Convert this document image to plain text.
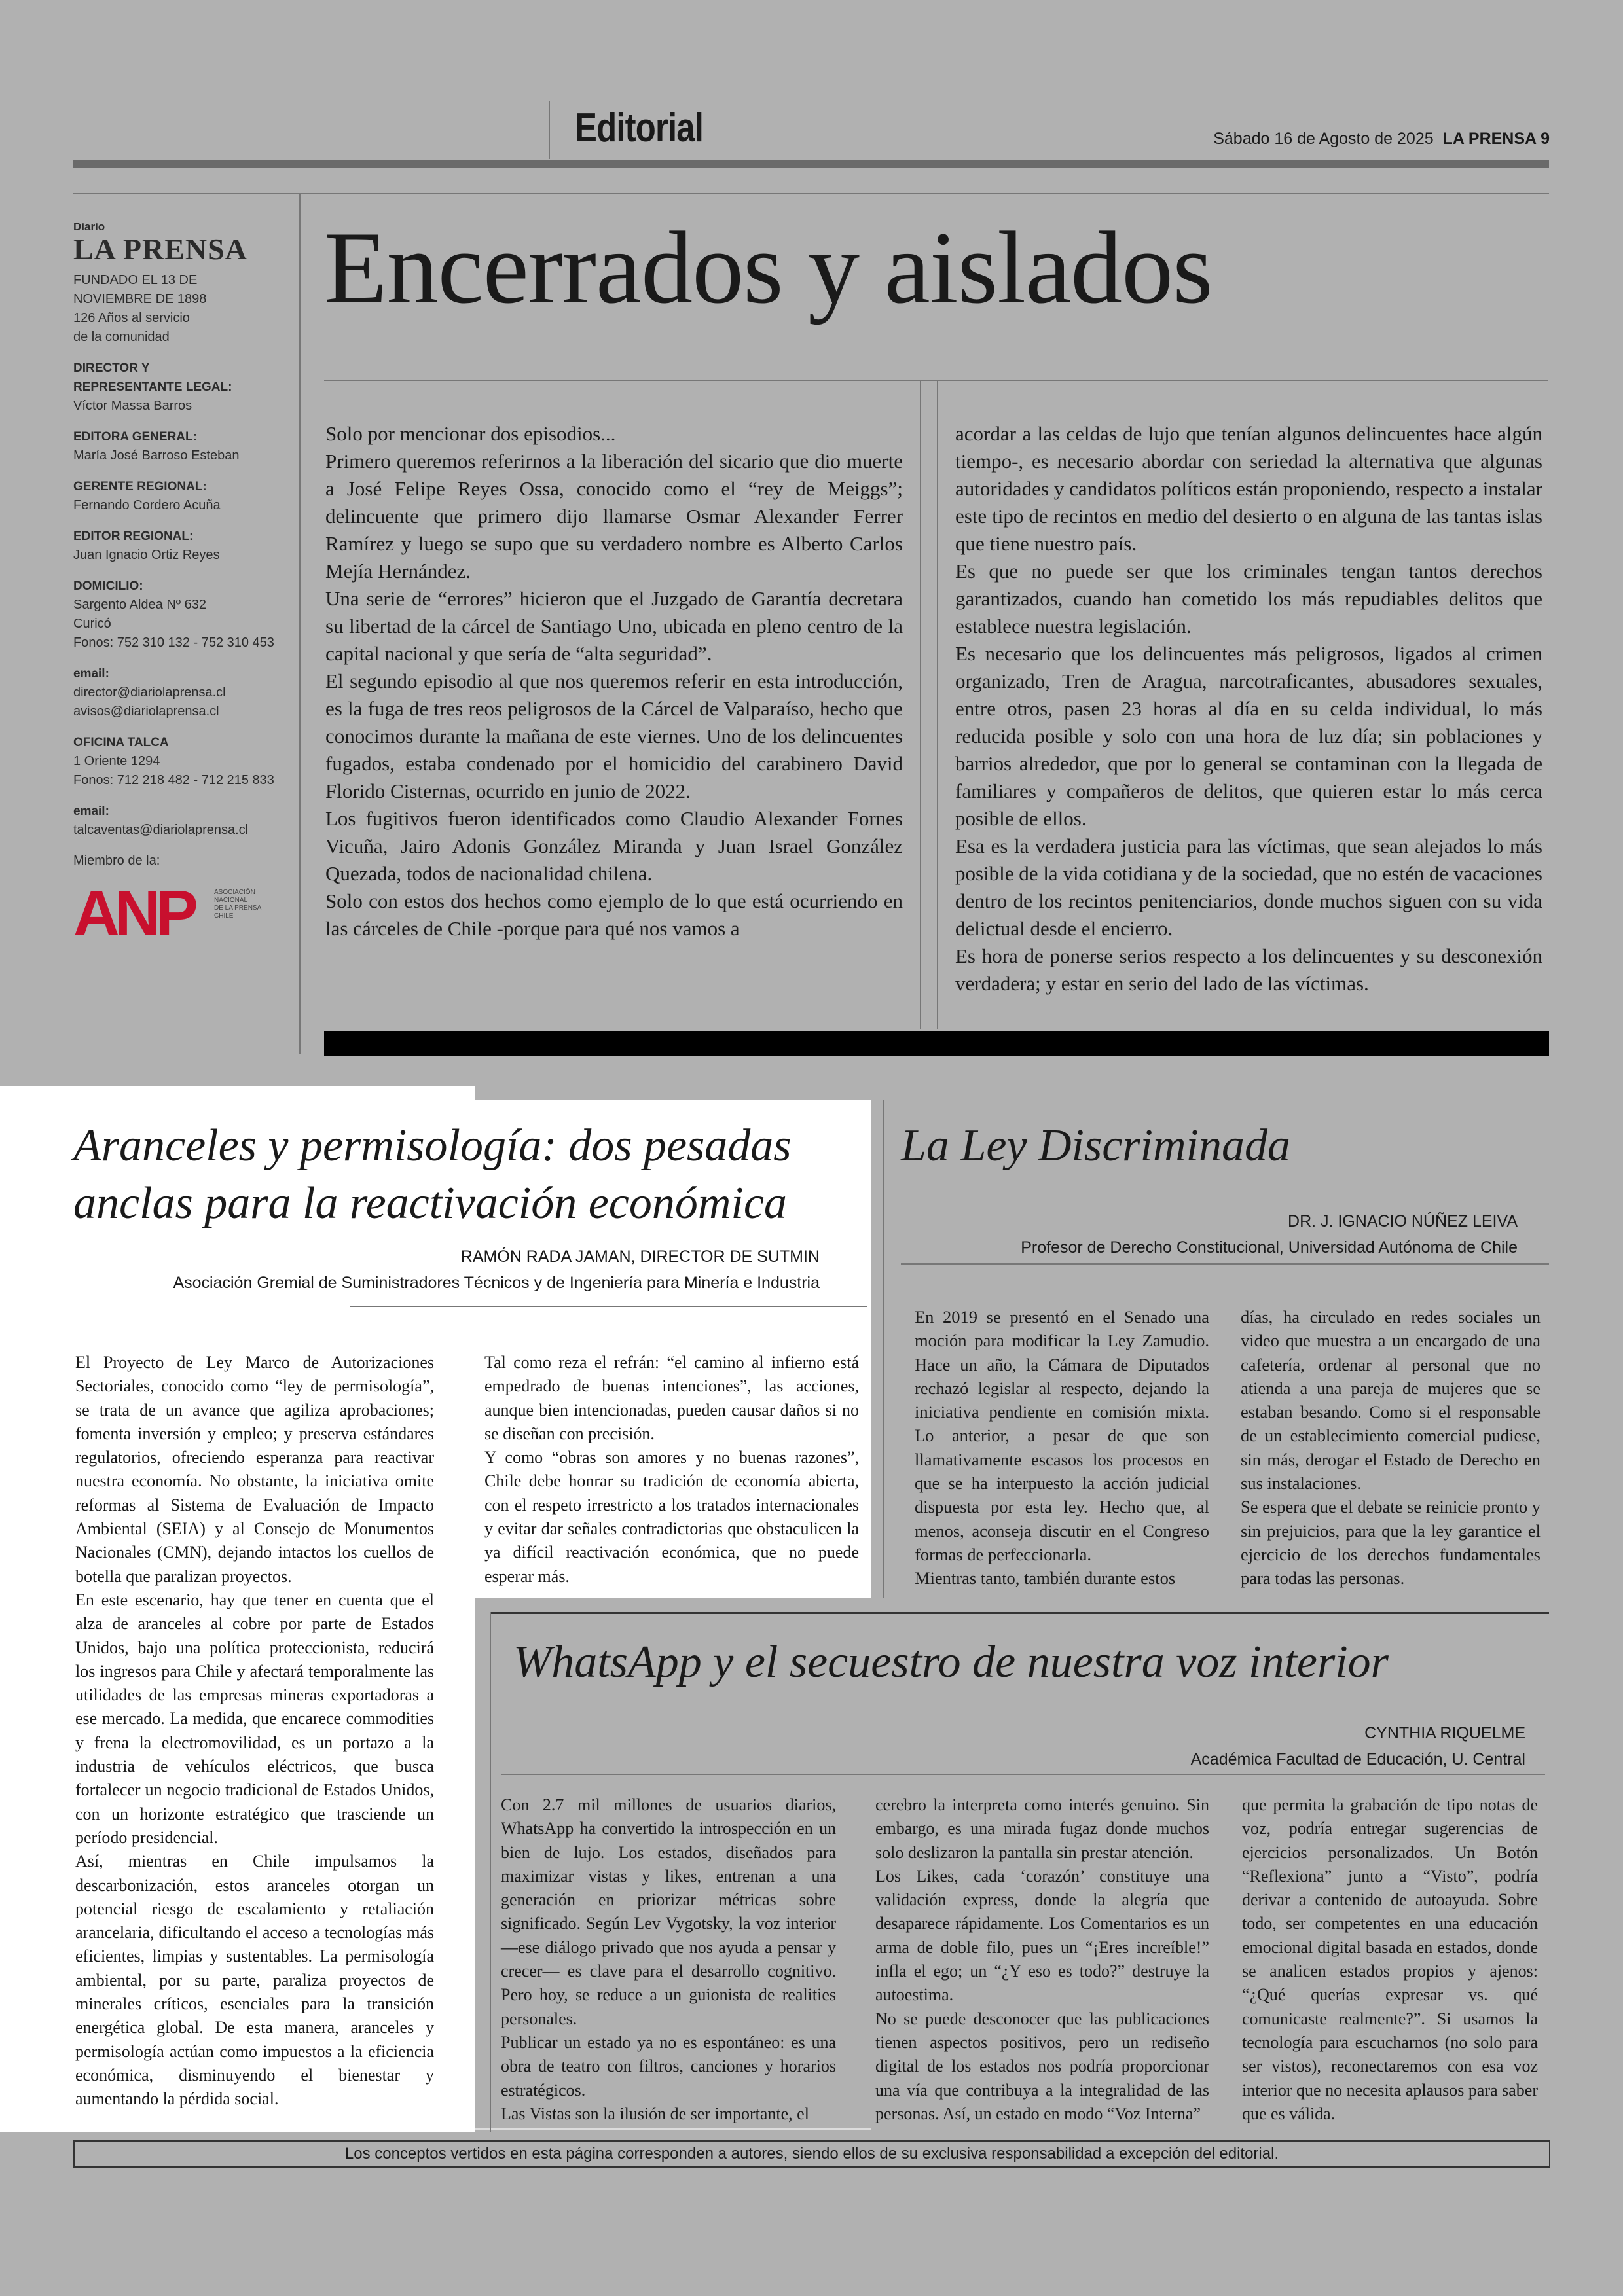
Editorial	Sábado 16 de Agosto de 2025 LA PRENSA 9
Diario
LA PRENSA
FUNDADO EL 13 DE
NOVIEMBRE DE 1898
126 Años al servicio
de la comunidad
DIRECTOR Y
REPRESENTANTE LEGAL:
Víctor Massa Barros
EDITORA GENERAL:
María José Barroso Esteban
GERENTE REGIONAL:
Fernando Cordero Acuña
EDITOR REGIONAL:
Juan Ignacio Ortiz Reyes
DOMICILIO:
Sargento Aldea Nº 632
Curicó
Fonos: 752 310 132 - 752 310 453
email:
director@diariolaprensa.cl
avisos@diariolaprensa.cl
OFICINA TALCA
1 Oriente 1294
Fonos: 712 218 482 - 712 215 833
email:
talcaventas@diariolaprensa.cl
Miembro de la:
ANP	ASOCIACIÓN
NACIONAL
DE LA PRENSA
CHILE
Encerrados y aislados

Solo por mencionar dos episodios...

Primero queremos referirnos a la liberación del sicario que dio muerte a José Felipe Reyes Ossa, conocido como el “rey de Meiggs”; delincuente que primero dijo llamarse Osmar Alexander Ferrer Ramírez y luego se supo que su verdadero nombre es Alberto Carlos Mejía Hernández.

Una serie de “errores” hicieron que el Juzgado de Garantía decretara su libertad de la cárcel de Santiago Uno, ubicada en pleno centro de la capital nacional y que sería de “alta seguridad”.

El segundo episodio al que nos queremos referir en esta introducción, es la fuga de tres reos peligrosos de la Cárcel de Valparaíso, hecho que conocimos durante la mañana de este viernes. Uno de los delincuentes fugados, estaba condenado por el homicidio del carabinero David Florido Cisternas, ocurrido en junio de 2022.

Los fugitivos fueron identificados como Claudio Alexander Fornes Vicuña, Jairo Adonis González Miranda y Juan Israel González Quezada, todos de nacionalidad chilena.

Solo con estos dos hechos como ejemplo de lo que está ocurriendo en las cárceles de Chile -porque para qué nos vamos a

acordar a las celdas de lujo que tenían algunos delincuentes hace algún tiempo-, es necesario abordar con seriedad la alternativa que algunas autoridades y candidatos políticos están proponiendo, respecto a instalar este tipo de recintos en medio del desierto o en alguna de las tantas islas que tiene nuestro país.

Es que no puede ser que los criminales tengan tantos derechos garantizados, cuando han cometido los más repudiables delitos que establece nuestra legislación.

Es necesario que los delincuentes más peligrosos, ligados al crimen organizado, Tren de Aragua, narcotraficantes, abusadores sexuales, entre otros, pasen 23 horas al día en su celda individual, lo más reducida posible y solo con una hora de luz día; sin poblaciones y barrios alrededor, que por lo general se contaminan con la llegada de familiares y compañeros de delitos, que quieren estar lo más cerca posible de ellos.

Esa es la verdadera justicia para las víctimas, que sean alejados lo más posible de la vida cotidiana y de la sociedad, que no estén de vacaciones dentro de los recintos penitenciarios, donde muchos siguen con su vida delictual desde el encierro.

Es hora de ponerse serios respecto a los delincuentes y su desconexión verdadera; y estar en serio del lado de las víctimas.

Aranceles y permisología: dos pesadas anclas para la reactivación económica
RAMÓN RADA JAMAN, DIRECTOR DE SUTMIN
Asociación Gremial de Suministradores Técnicos y de Ingeniería para Minería e Industria

El Proyecto de Ley Marco de Autorizaciones Sectoriales, conocido como “ley de permisología”, se trata de un avance que agiliza aprobaciones; fomenta inversión y empleo; y preserva estándares regulatorios, ofreciendo esperanza para reactivar nuestra economía. No obstante, la iniciativa omite reformas al Sistema de Evaluación de Impacto Ambiental (SEIA) y al Consejo de Monumentos Nacionales (CMN), dejando intactos los cuellos de botella que paralizan proyectos.

En este escenario, hay que tener en cuenta que el alza de aranceles al cobre por parte de Estados Unidos, bajo una política proteccionista, reducirá los ingresos para Chile y afectará temporalmente las utilidades de las empresas mineras exportadoras a ese mercado. La medida, que encarece commodities y frena la electromovilidad, es un portazo a la industria de vehículos eléctricos, que busca fortalecer un negocio tradicional de Estados Unidos, con un horizonte estratégico que trasciende un período presidencial.

Así, mientras en Chile impulsamos la descarbonización, estos aranceles otorgan un potencial riesgo de escalamiento y retaliación arancelaria, dificultando el acceso a tecnologías más eficientes, limpias y sustentables. La permisología ambiental, por su parte, paraliza proyectos de minerales críticos, esenciales para la transición energética global. De esta manera, aranceles y permisología actúan como impuestos a la eficiencia económica, disminuyendo el bienestar y aumentando la pérdida social.

Tal como reza el refrán: “el camino al infierno está empedrado de buenas intenciones”, las acciones, aunque bien intencionadas, pueden causar daños si no se diseñan con precisión.

Y como “obras son amores y no buenas razones”, Chile debe honrar su tradición de economía abierta, con el respeto irrestricto a los tratados internacionales y evitar dar señales contradictorias que obstaculicen la ya difícil reactivación económica, que no puede esperar más.

La Ley Discriminada
DR. J. IGNACIO NÚÑEZ LEIVA
Profesor de Derecho Constitucional, Universidad Autónoma de Chile

En 2019 se presentó en el Senado una moción para modificar la Ley Zamudio. Hace un año, la Cámara de Diputados rechazó legislar al respecto, dejando la iniciativa pendiente en comisión mixta. Lo anterior, a pesar de que son llamativamente escasos los procesos en que se ha interpuesto la acción judicial dispuesta por esta ley. Hecho que, al menos, aconseja discutir en el Congreso formas de perfeccionarla.

Mientras tanto, también durante estos

días, ha circulado en redes sociales un video que muestra a un encargado de una cafetería, ordenar al personal que no atienda a una pareja de mujeres que se estaban besando. Como si el responsable de un establecimiento comercial pudiese, sin más, derogar el Estado de Derecho en sus instalaciones.

Se espera que el debate se reinicie pronto y sin prejuicios, para que la ley garantice el ejercicio de los derechos fundamentales para todas las personas.

WhatsApp y el secuestro de nuestra voz interior
CYNTHIA RIQUELME
Académica Facultad de Educación, U. Central

Con 2.7 mil millones de usuarios diarios, WhatsApp ha convertido la introspección en un bien de lujo. Los estados, diseñados para maximizar vistas y likes, entrenan a una generación en priorizar métricas sobre significado. Según Lev Vygotsky, la voz interior —ese diálogo privado que nos ayuda a pensar y crecer— es clave para el desarrollo cognitivo. Pero hoy, se reduce a un guionista de realities personales.

Publicar un estado ya no es espontáneo: es una obra de teatro con filtros, canciones y horarios estratégicos.

Las Vistas son la ilusión de ser importante, el

cerebro la interpreta como interés genuino. Sin embargo, es una mirada fugaz donde muchos solo deslizaron la pantalla sin prestar atención.

Los Likes, cada ‘corazón’ constituye una validación express, donde la alegría que desaparece rápidamente. Los Comentarios es un arma de doble filo, pues un “¡Eres increíble!” infla el ego; un “¿Y eso es todo?” destruye la autoestima.

No se puede desconocer que las publicaciones tienen aspectos positivos, pero un rediseño digital de los estados nos podría proporcionar una vía que contribuya a la integralidad de las personas. Así, un estado en modo “Voz Interna”

que permita la grabación de tipo notas de voz, podría entregar sugerencias de ejercicios personalizados. Un Botón “Reflexiona” junto a “Visto”, podría derivar a contenido de autoayuda. Sobre todo, ser competentes en una educación emocional digital basada en estados, donde se analicen estados propios y ajenos: “¿Qué querías expresar vs. qué comunicaste realmente?”. Si usamos la tecnología para escucharnos (no solo para ser vistos), reconectaremos con esa voz interior que no necesita aplausos para saber que es válida.

Los conceptos vertidos en esta página corresponden a autores, siendo ellos de su exclusiva responsabilidad a excepción del editorial.
